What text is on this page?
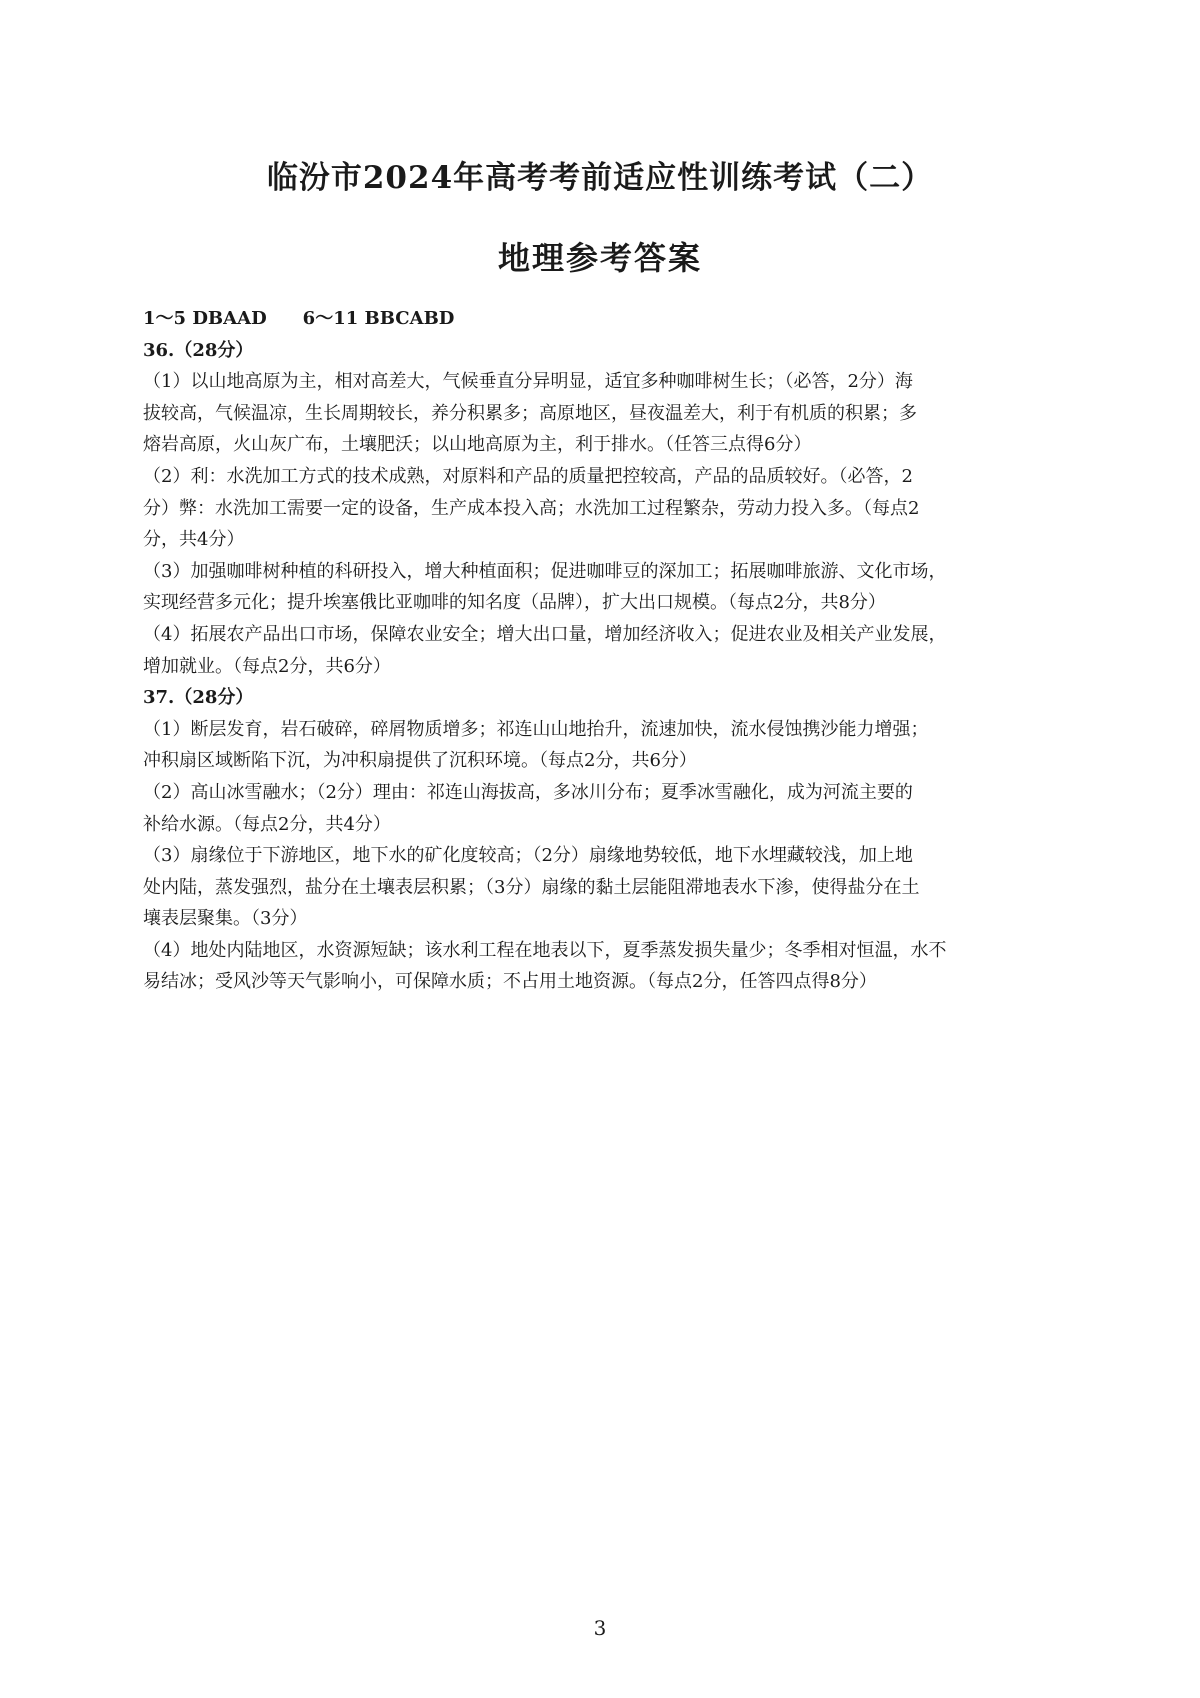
临汾市2024年高考考前适应性训练考试（二）
地理参考答案
1～5 DBAAD　　6～11 BBCABD
36.（28分）
（1）以山地高原为主，相对高差大，气候垂直分异明显，适宜多种咖啡树生长；（必答，2分）海
拔较高，气候温凉，生长周期较长，养分积累多；高原地区，昼夜温差大，利于有机质的积累；多
熔岩高原，火山灰广布，土壤肥沃；以山地高原为主，利于排水。（任答三点得6分）
（2）利：水洗加工方式的技术成熟，对原料和产品的质量把控较高，产品的品质较好。（必答，2
分）弊：水洗加工需要一定的设备，生产成本投入高；水洗加工过程繁杂，劳动力投入多。（每点2
分，共4分）
（3）加强咖啡树种植的科研投入，增大种植面积；促进咖啡豆的深加工；拓展咖啡旅游、文化市场，
实现经营多元化；提升埃塞俄比亚咖啡的知名度（品牌），扩大出口规模。（每点2分，共8分）
（4）拓展农产品出口市场，保障农业安全；增大出口量，增加经济收入；促进农业及相关产业发展，
增加就业。（每点2分，共6分）
37.（28分）
（1）断层发育，岩石破碎，碎屑物质增多；祁连山山地抬升，流速加快，流水侵蚀携沙能力增强；
冲积扇区域断陷下沉，为冲积扇提供了沉积环境。（每点2分，共6分）
（2）高山冰雪融水；（2分）理由：祁连山海拔高，多冰川分布；夏季冰雪融化，成为河流主要的
补给水源。（每点2分，共4分）
（3）扇缘位于下游地区，地下水的矿化度较高；（2分）扇缘地势较低，地下水埋藏较浅，加上地
处内陆，蒸发强烈，盐分在土壤表层积累；（3分）扇缘的黏土层能阻滞地表水下渗，使得盐分在土
壤表层聚集。（3分）
（4）地处内陆地区，水资源短缺；该水利工程在地表以下，夏季蒸发损失量少；冬季相对恒温，水不
易结冰；受风沙等天气影响小，可保障水质；不占用土地资源。（每点2分，任答四点得8分）
3
